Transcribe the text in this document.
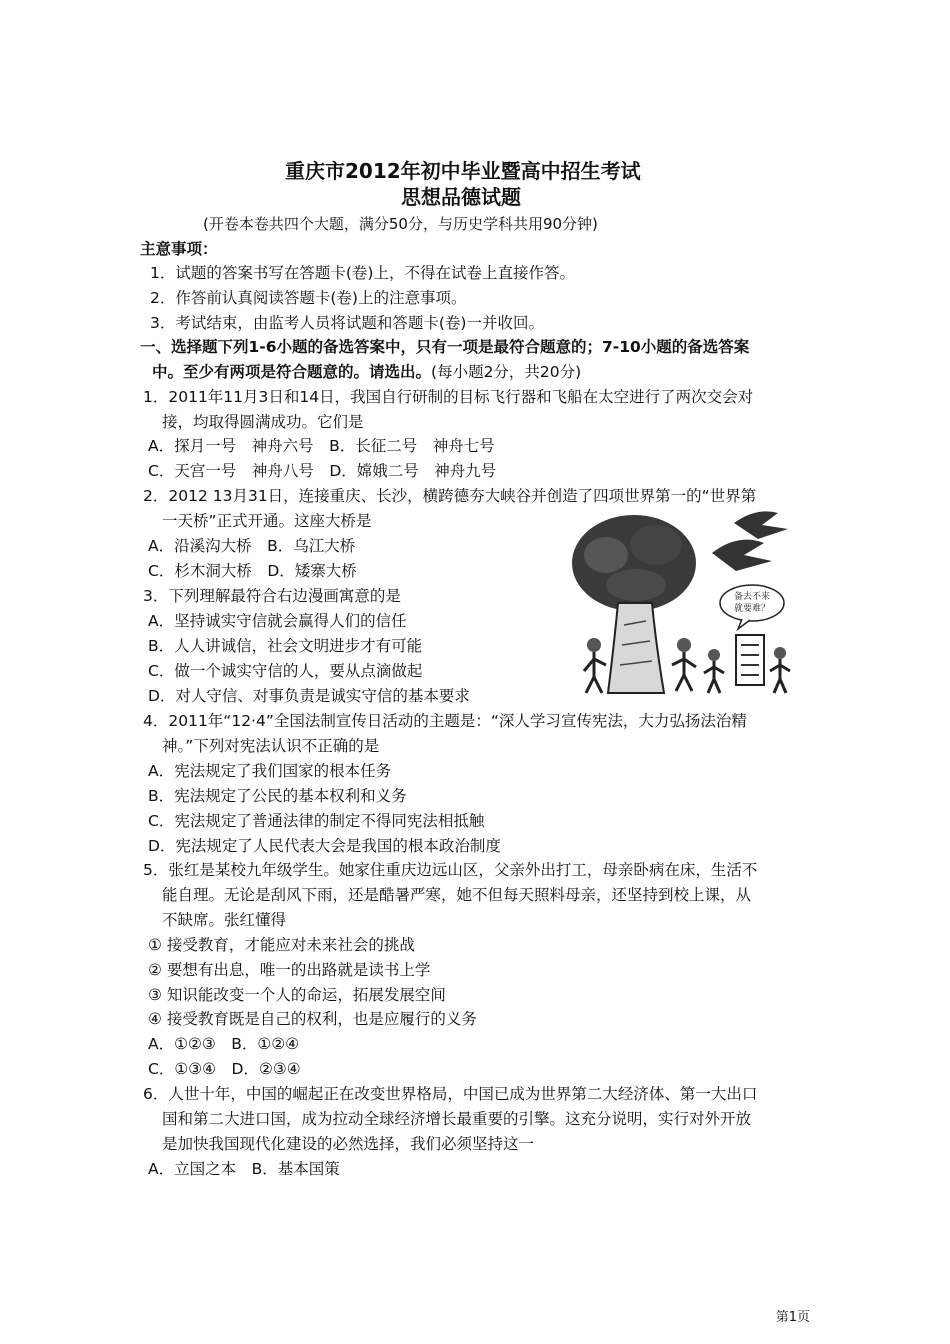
重庆市2012年初中毕业暨高中招生考试
思想品德试题
(开卷本卷共四个大题，满分50分，与历史学科共用90分钟)
主意事项：
1．试题的答案书写在答题卡(卷)上，不得在试卷上直接作答。
2．作答前认真阅读答题卡(卷)上的注意事项。
3．考试结束，由监考人员将试题和答题卡(卷)一并收回。
一、选择题下列1-6小题的备选答案中，只有一项是最符合题意的；7-10小题的备选答案
中。至少有两项是符合题意的。请选出。(每小题2分，共20分)
1．2011年11月3日和14日，我国自行研制的目标飞行器和飞船在太空进行了两次交会对
接，均取得圆满成功。它们是
A．探月一号　神舟六号　B．长征二号　神舟七号
C．天宫一号　神舟八号　D．嫦娥二号　神舟九号
2．2012 13月31日，连接重庆、长沙，横跨德夯大峡谷并创造了四项世界第一的“世界第
一天桥”正式开通。这座大桥是
A．沿溪沟大桥　B．乌江大桥
C．杉木洞大桥　D．矮寨大桥
3．下列理解最符合右边漫画寓意的是
A．坚持诚实守信就会赢得人们的信任
B．人人讲诚信，社会文明进步才有可能
C．做一个诚实守信的人，要从点滴做起
D．对人守信、对事负责是诚实守信的基本要求
备去不来
就要难？
4．2011年“12·4”全国法制宣传日活动的主题是：“深人学习宣传宪法，大力弘扬法治精
神。”下列对宪法认识不正确的是
A．宪法规定了我们国家的根本任务
B．宪法规定了公民的基本权利和义务
C．宪法规定了普通法律的制定不得同宪法相抵触
D．宪法规定了人民代表大会是我国的根本政治制度
5．张红是某校九年级学生。她家住重庆边远山区，父亲外出打工，母亲卧病在床，生活不
能自理。无论是刮风下雨，还是酷暑严寒，她不但每天照料母亲，还坚持到校上课，从
不缺席。张红懂得
① 接受教育，才能应对未来社会的挑战
② 要想有出息，唯一的出路就是读书上学
③ 知识能改变一个人的命运，拓展发展空间
④ 接受教育既是自己的权利，也是应履行的义务
A．①②③　B．①②④
C．①③④　D．②③④
6．人世十年，中国的崛起正在改变世界格局，中国已成为世界第二大经济体、第一大出口
国和第二大进口国，成为拉动全球经济增长最重要的引擎。这充分说明，实行对外开放
是加快我国现代化建设的必然选择，我们必须坚持这一
A．立国之本　B．基本国策
第1页
